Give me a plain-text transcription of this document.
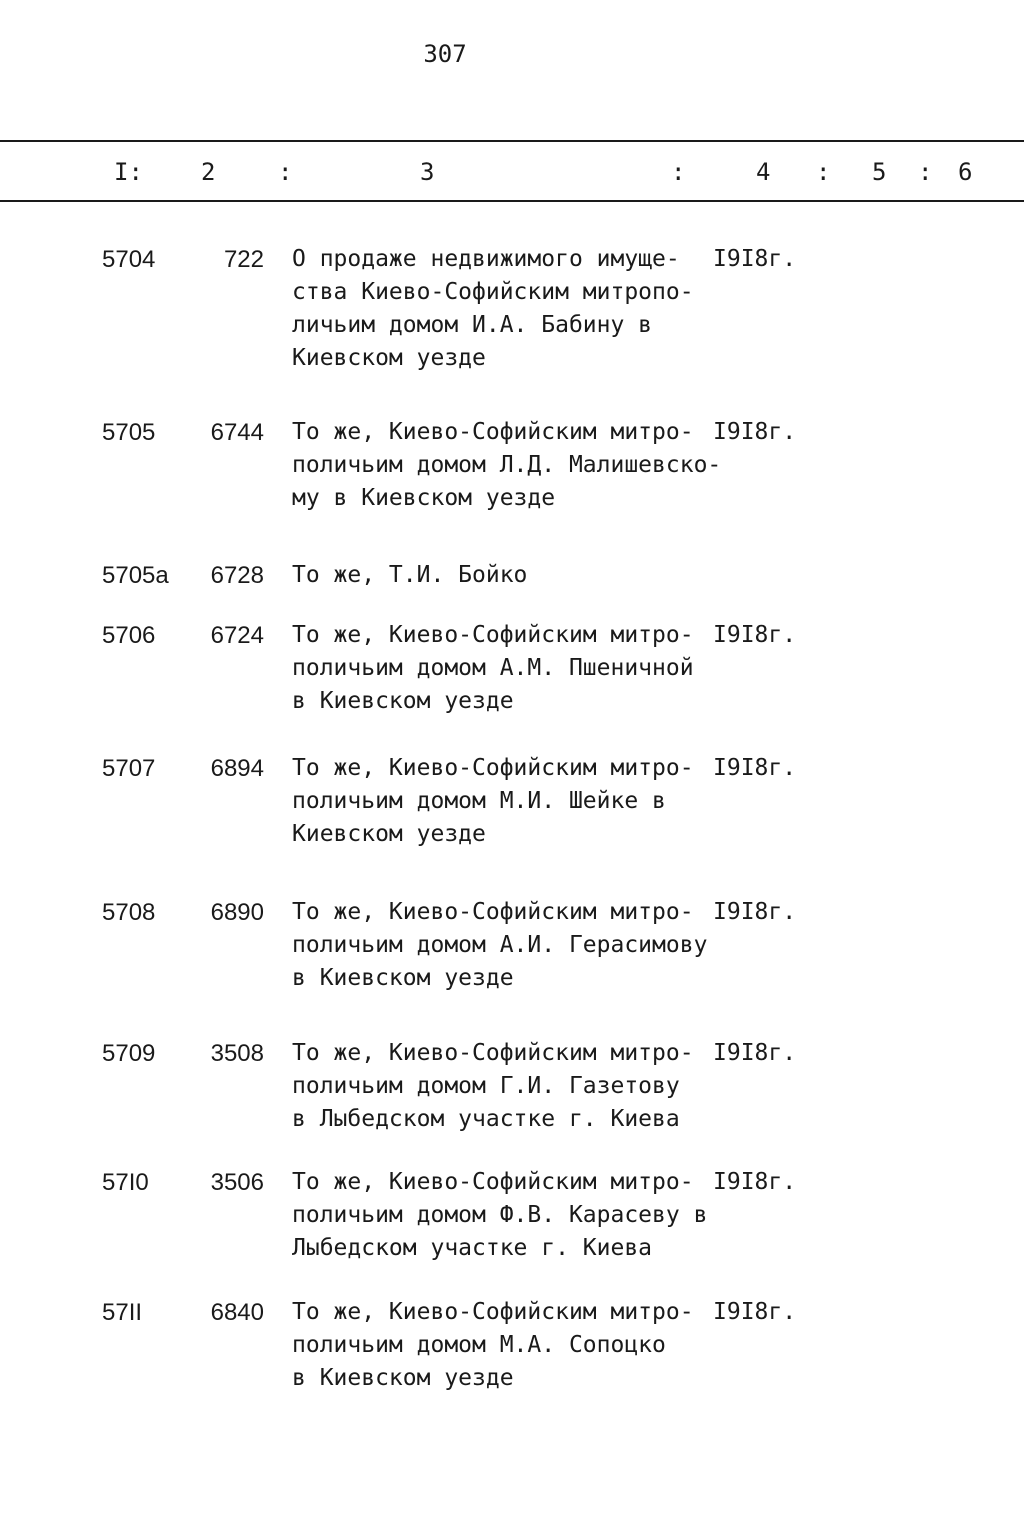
307
I: 2	:	3	:	4 : 5 : 6
5704	722 О продаже недвижимого имуще-
ства Киево-Софийским митропо-
личьим домом И.А. Бабину в
Киевском уезде
I9I8г.
5705	6744 То же, Киево-Софийским митро-
поличьим домом Л.Д. Малишевско-
му в Киевском уезде
I9I8г.
5705а	6728 То же, Т.И. Бойко
5706	6724 То же, Киево-Софийским митро-
поличьим домом А.М. Пшеничной
в Киевском уезде
I9I8г.
5707	6894 То же, Киево-Софийским митро-
поличьим домом М.И. Шейке в
Киевском уезде
I9I8г.
5708	6890 То же, Киево-Софийским митро-
поличьим домом А.И. Герасимову
в Киевском уезде
I9I8г.
5709	3508 То же, Киево-Софийским митро-
поличьим домом Г.И. Газетову
в Лыбедском участке г. Киева
I9I8г.
57I0	3506 То же, Киево-Софийским митро-
поличьим домом Ф.В. Карасеву в
Лыбедском участке г. Киева
I9I8г.
57II	6840 То же, Киево-Софийским митро-
поличьим домом М.А. Сопоцко
в Киевском уезде
I9I8г.
